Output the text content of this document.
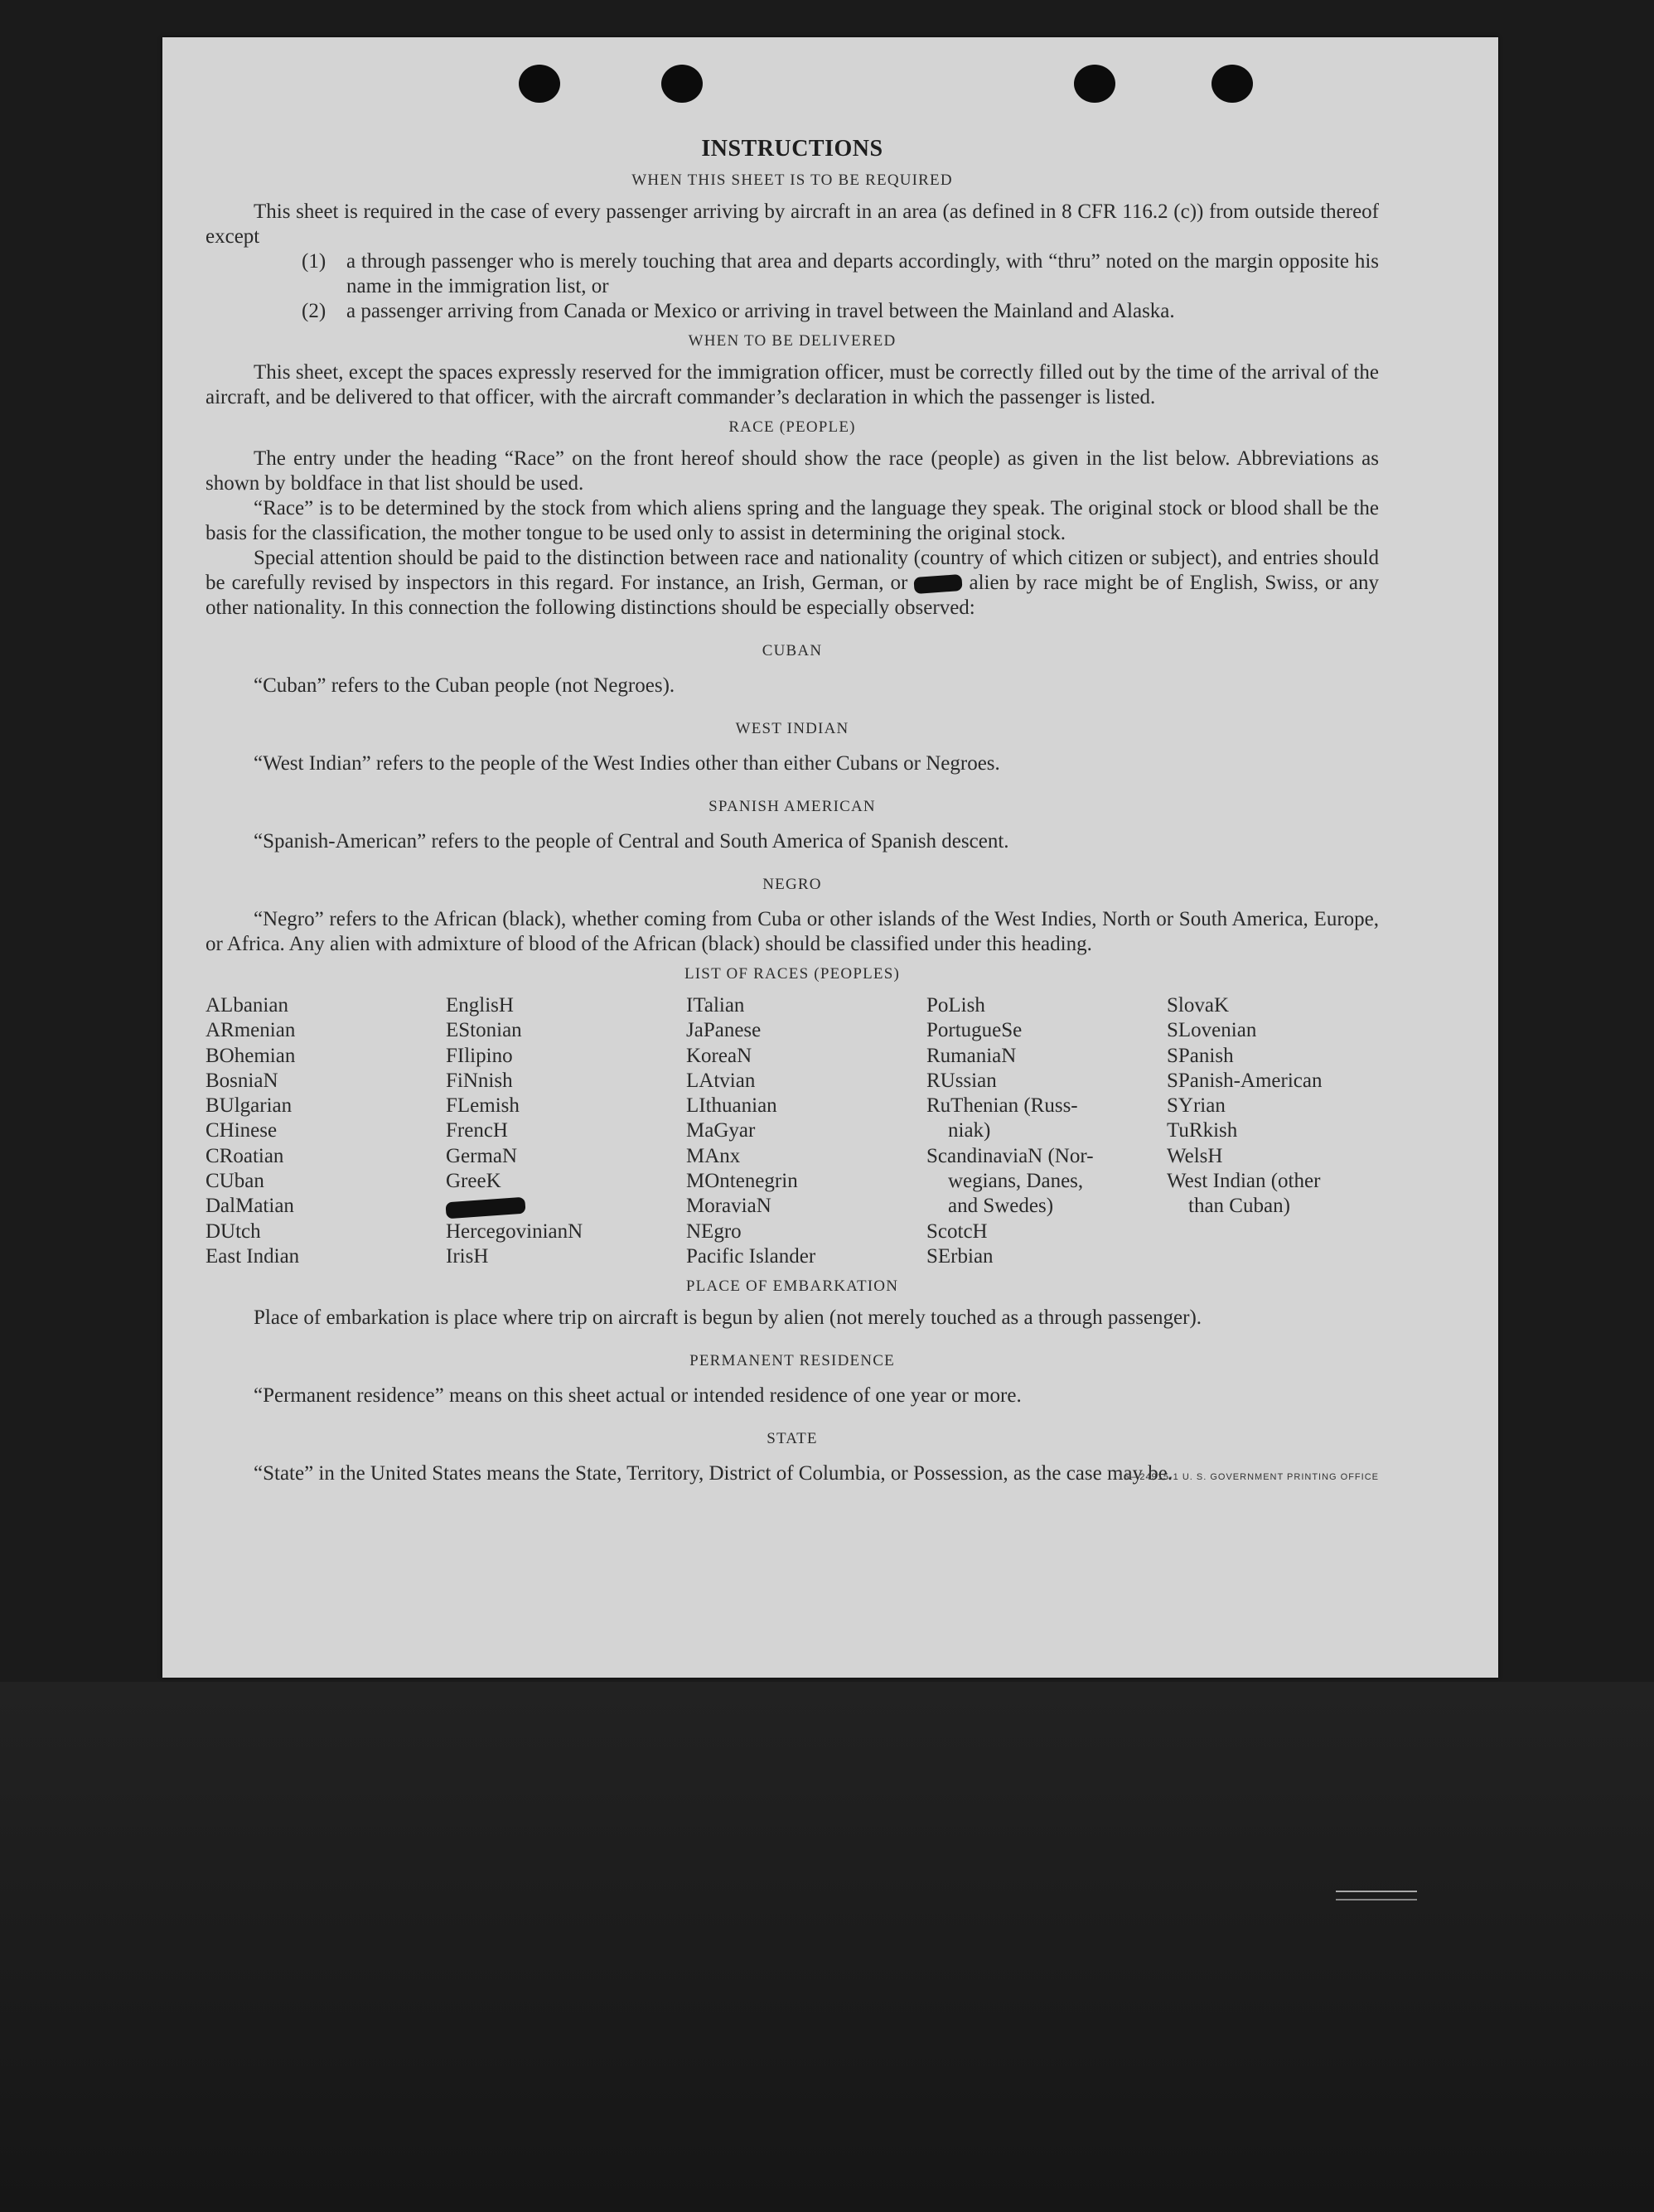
INSTRUCTIONS
WHEN THIS SHEET IS TO BE REQUIRED

This sheet is required in the case of every passenger arriving by aircraft in an area (as defined in 8 CFR 116.2 (c)) from outside thereof except

(1) a through passenger who is merely touching that area and departs accordingly, with “thru” noted on the margin opposite his name in the immigration list, or
(2) a passenger arriving from Canada or Mexico or arriving in travel between the Mainland and Alaska.
WHEN TO BE DELIVERED

This sheet, except the spaces expressly reserved for the immigration officer, must be correctly filled out by the time of the arrival of the aircraft, and be delivered to that officer, with the aircraft commander’s declaration in which the passenger is listed.

RACE (PEOPLE)

The entry under the heading “Race” on the front hereof should show the race (people) as given in the list below. Abbreviations as shown by boldface in that list should be used.

“Race” is to be determined by the stock from which aliens spring and the language they speak. The original stock or blood shall be the basis for the classification, the mother tongue to be used only to assist in determining the original stock.

Special attention should be paid to the distinction between race and nationality (country of which citizen or subject), and entries should be carefully revised by inspectors in this regard. For instance, an Irish, German, or	alien by race might be of English, Swiss, or any other nationality. In this connection the following distinctions should be especially observed:

CUBAN

“Cuban” refers to the Cuban people (not Negroes).

WEST INDIAN

“West Indian” refers to the people of the West Indies other than either Cubans or Negroes.

SPANISH AMERICAN

“Spanish-American” refers to the people of Central and South America of Spanish descent.

NEGRO

“Negro” refers to the African (black), whether coming from Cuba or other islands of the West Indies, North or South America, Europe, or Africa. Any alien with admixture of blood of the African (black) should be classified under this heading.

LIST OF RACES (PEOPLES)
ALbanian
ARmenian
BOhemian
BosniaN
BUlgarian
CHinese
CRoatian
CUban
DalMatian
DUtch
East Indian
EnglisH
EStonian
FIlipino
FiNnish
FLemish
FrencH
GermaN
GreeK
HercegovinianN
IrisH
ITalian
JaPanese
KoreaN
LAtvian
LIthuanian
MaGyar
MAnx
MOntenegrin
MoraviaN
NEgro
Pacific Islander
PoLish
PortugueSe
RumaniaN
RUssian
RuThenian (Russ-
niak)
ScandinaviaN (Nor-
wegians, Danes,
and Swedes)
ScotcH
SErbian
SlovaK
SLovenian
SPanish
SPanish-American
SYrian
TuRkish
WelsH
West Indian (other
than Cuban)
PLACE OF EMBARKATION

Place of embarkation is place where trip on aircraft is begun by alien (not merely touched as a through passenger).

PERMANENT RESIDENCE

“Permanent residence” means on this sheet actual or intended residence of one year or more.

STATE

“State” in the United States means the State, Territory, District of Columbia, or Possession, as the case may be.

16—24915-1 U. S. GOVERNMENT PRINTING OFFICE
